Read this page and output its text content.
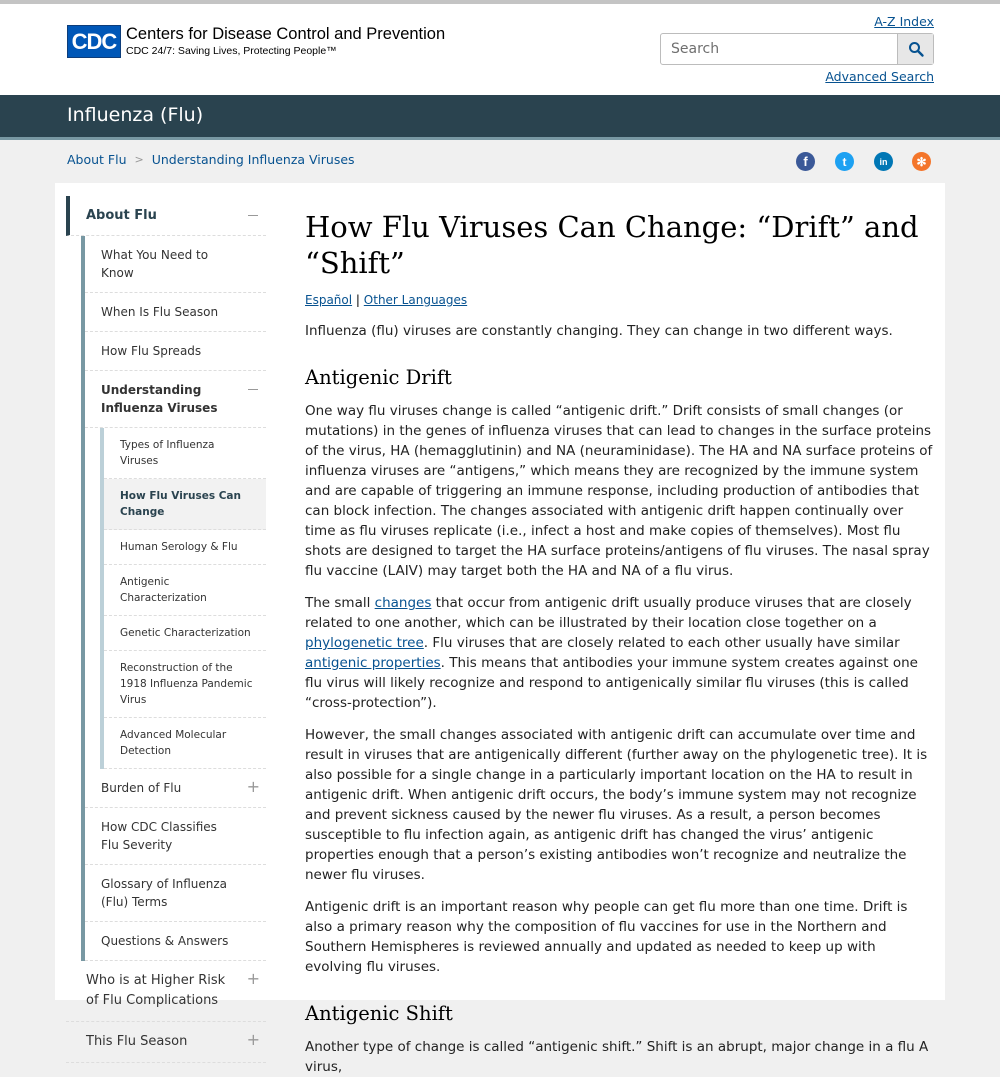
CDC Centers for Disease Control and Prevention
CDC 24/7: Saving Lives, Protecting People™
A-Z Index
Search
Advanced Search
Influenza (Flu)
About Flu > Understanding Influenza Viruses	f	t	in ✻
About Flu
What You Need to Know
When Is Flu Season
How Flu Spreads
Understanding Influenza Viruses
Types of Influenza Viruses
How Flu Viruses Can Change
Human Serology & Flu
Antigenic Characterization
Genetic Characterization
Reconstruction of the 1918 Influenza Pandemic Virus
Advanced Molecular Detection
Burden of Flu	+
How CDC Classifies Flu Severity
Glossary of Influenza (Flu) Terms
Questions & Answers
Who is at Higher Risk of Flu Complications
+
This Flu Season	+
How Flu Viruses Can Change: “Drift” and “Shift”
Español | Other Languages

Influenza (flu) viruses are constantly changing. They can change in two different ways.

Antigenic Drift

One way flu viruses change is called “antigenic drift.” Drift consists of small changes (or mutations) in the genes of influenza viruses that can lead to changes in the surface proteins of the virus, HA (hemagglutinin) and NA (neuraminidase). The HA and NA surface proteins of influenza viruses are “antigens,” which means they are recognized by the immune system and are capable of triggering an immune response, including production of antibodies that can block infection. The changes associated with antigenic drift happen continually over time as flu viruses replicate (i.e., infect a host and make copies of themselves). Most flu shots are designed to target the HA surface proteins/antigens of flu viruses. The nasal spray flu vaccine (LAIV) may target both the HA and NA of a flu virus.

The small changes that occur from antigenic drift usually produce viruses that are closely related to one another, which can be illustrated by their location close together on a phylogenetic tree. Flu viruses that are closely related to each other usually have similar antigenic properties. This means that antibodies your immune system creates against one flu virus will likely recognize and respond to antigenically similar flu viruses (this is called “cross-protection”).

However, the small changes associated with antigenic drift can accumulate over time and result in viruses that are antigenically different (further away on the phylogenetic tree). It is also possible for a single change in a particularly important location on the HA to result in antigenic drift. When antigenic drift occurs, the body’s immune system may not recognize and prevent sickness caused by the newer flu viruses. As a result, a person becomes susceptible to flu infection again, as antigenic drift has changed the virus’ antigenic properties enough that a person’s existing antibodies won’t recognize and neutralize the newer flu viruses.

Antigenic drift is an important reason why people can get flu more than one time. Drift is also a primary reason why the composition of flu vaccines for use in the Northern and Southern Hemispheres is reviewed annually and updated as needed to keep up with evolving flu viruses.

Antigenic Shift

Another type of change is called “antigenic shift.” Shift is an abrupt, major change in a flu A virus,
